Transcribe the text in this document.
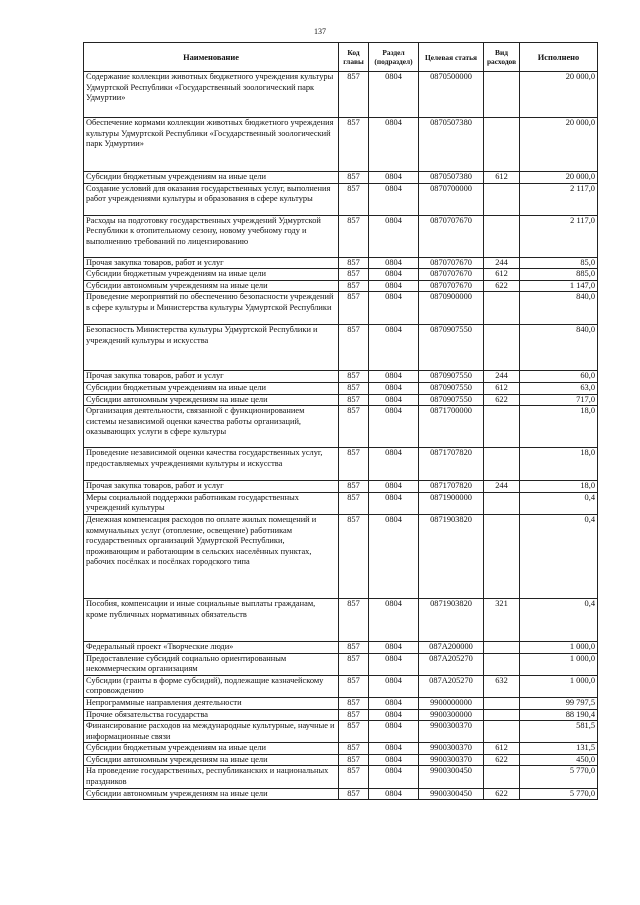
137
Наименование	Код главы	Раздел (подраздел)	Целевая статья	Вид расходов	Исполнено
Содержание коллекции животных бюджетного учреждения культуры Удмуртской Республики «Государственный зоологический парк Удмуртии»	857	0804	0870500000		20 000,0
Обеспечение кормами коллекции животных бюджетного учреждения культуры Удмуртской Республики «Государственный зоологический парк Удмуртии»	857	0804	0870507380		20 000,0
Субсидии бюджетным учреждениям на иные цели	857	0804	0870507380	612	20 000,0
Создание условий для оказания государственных услуг, выполнения работ учреждениями культуры и образования в сфере культуры	857	0804	0870700000		2 117,0
Расходы на подготовку государственных учреждений Удмуртской Республики к отопительному сезону, новому учебному году и выполнению требований по лицензированию	857	0804	0870707670		2 117,0
Прочая закупка товаров, работ и услуг	857	0804	0870707670	244	85,0
Субсидии бюджетным учреждениям на иные цели	857	0804	0870707670	612	885,0
Субсидии автономным учреждениям на иные цели	857	0804	0870707670	622	1 147,0
Проведение мероприятий по обеспечению безопасности учреждений в сфере культуры и Министерства культуры Удмуртской Республики	857	0804	0870900000		840,0
Безопасность Министерства культуры Удмуртской Республики и учреждений культуры и искусства	857	0804	0870907550		840,0
Прочая закупка товаров, работ и услуг	857	0804	0870907550	244	60,0
Субсидии бюджетным учреждениям на иные цели	857	0804	0870907550	612	63,0
Субсидии автономным учреждениям на иные цели	857	0804	0870907550	622	717,0
Организация деятельности, связанной с функционированием системы независимой оценки качества работы организаций, оказывающих услуги в сфере культуры	857	0804	0871700000		18,0
Проведение независимой оценки качества государственных услуг, предоставляемых учреждениями культуры и искусства	857	0804	0871707820		18,0
Прочая закупка товаров, работ и услуг	857	0804	0871707820	244	18,0
Меры социальной поддержки работникам государственных учреждений культуры	857	0804	0871900000		0,4
Денежная компенсация расходов по оплате жилых помещений и коммунальных услуг (отопление, освещение) работникам государственных организаций Удмуртской Республики, проживающим и работающим в сельских населённых пунктах, рабочих посёлках и посёлках городского типа	857	0804	0871903820		0,4
Пособия, компенсации и иные социальные выплаты гражданам, кроме публичных нормативных обязательств	857	0804	0871903820	321	0,4
Федеральный проект «Творческие люди»	857	0804	087A200000		1 000,0
Предоставление субсидий социально ориентированным некоммерческим организациям	857	0804	087A205270		1 000,0
Субсидии (гранты в форме субсидий), подлежащие казначейскому сопровождению	857	0804	087A205270	632	1 000,0
Непрограммные направления деятельности	857	0804	9900000000		99 797,5
Прочие обязательства государства	857	0804	9900300000		88 190,4
Финансирование расходов на международные культурные, научные и информационные связи	857	0804	9900300370		581,5
Субсидии бюджетным учреждениям на иные цели	857	0804	9900300370	612	131,5
Субсидии автономным учреждениям на иные цели	857	0804	9900300370	622	450,0
На проведение государственных, республиканских и национальных праздников	857	0804	9900300450		5 770,0
Субсидии автономным учреждениям на иные цели	857	0804	9900300450	622	5 770,0
